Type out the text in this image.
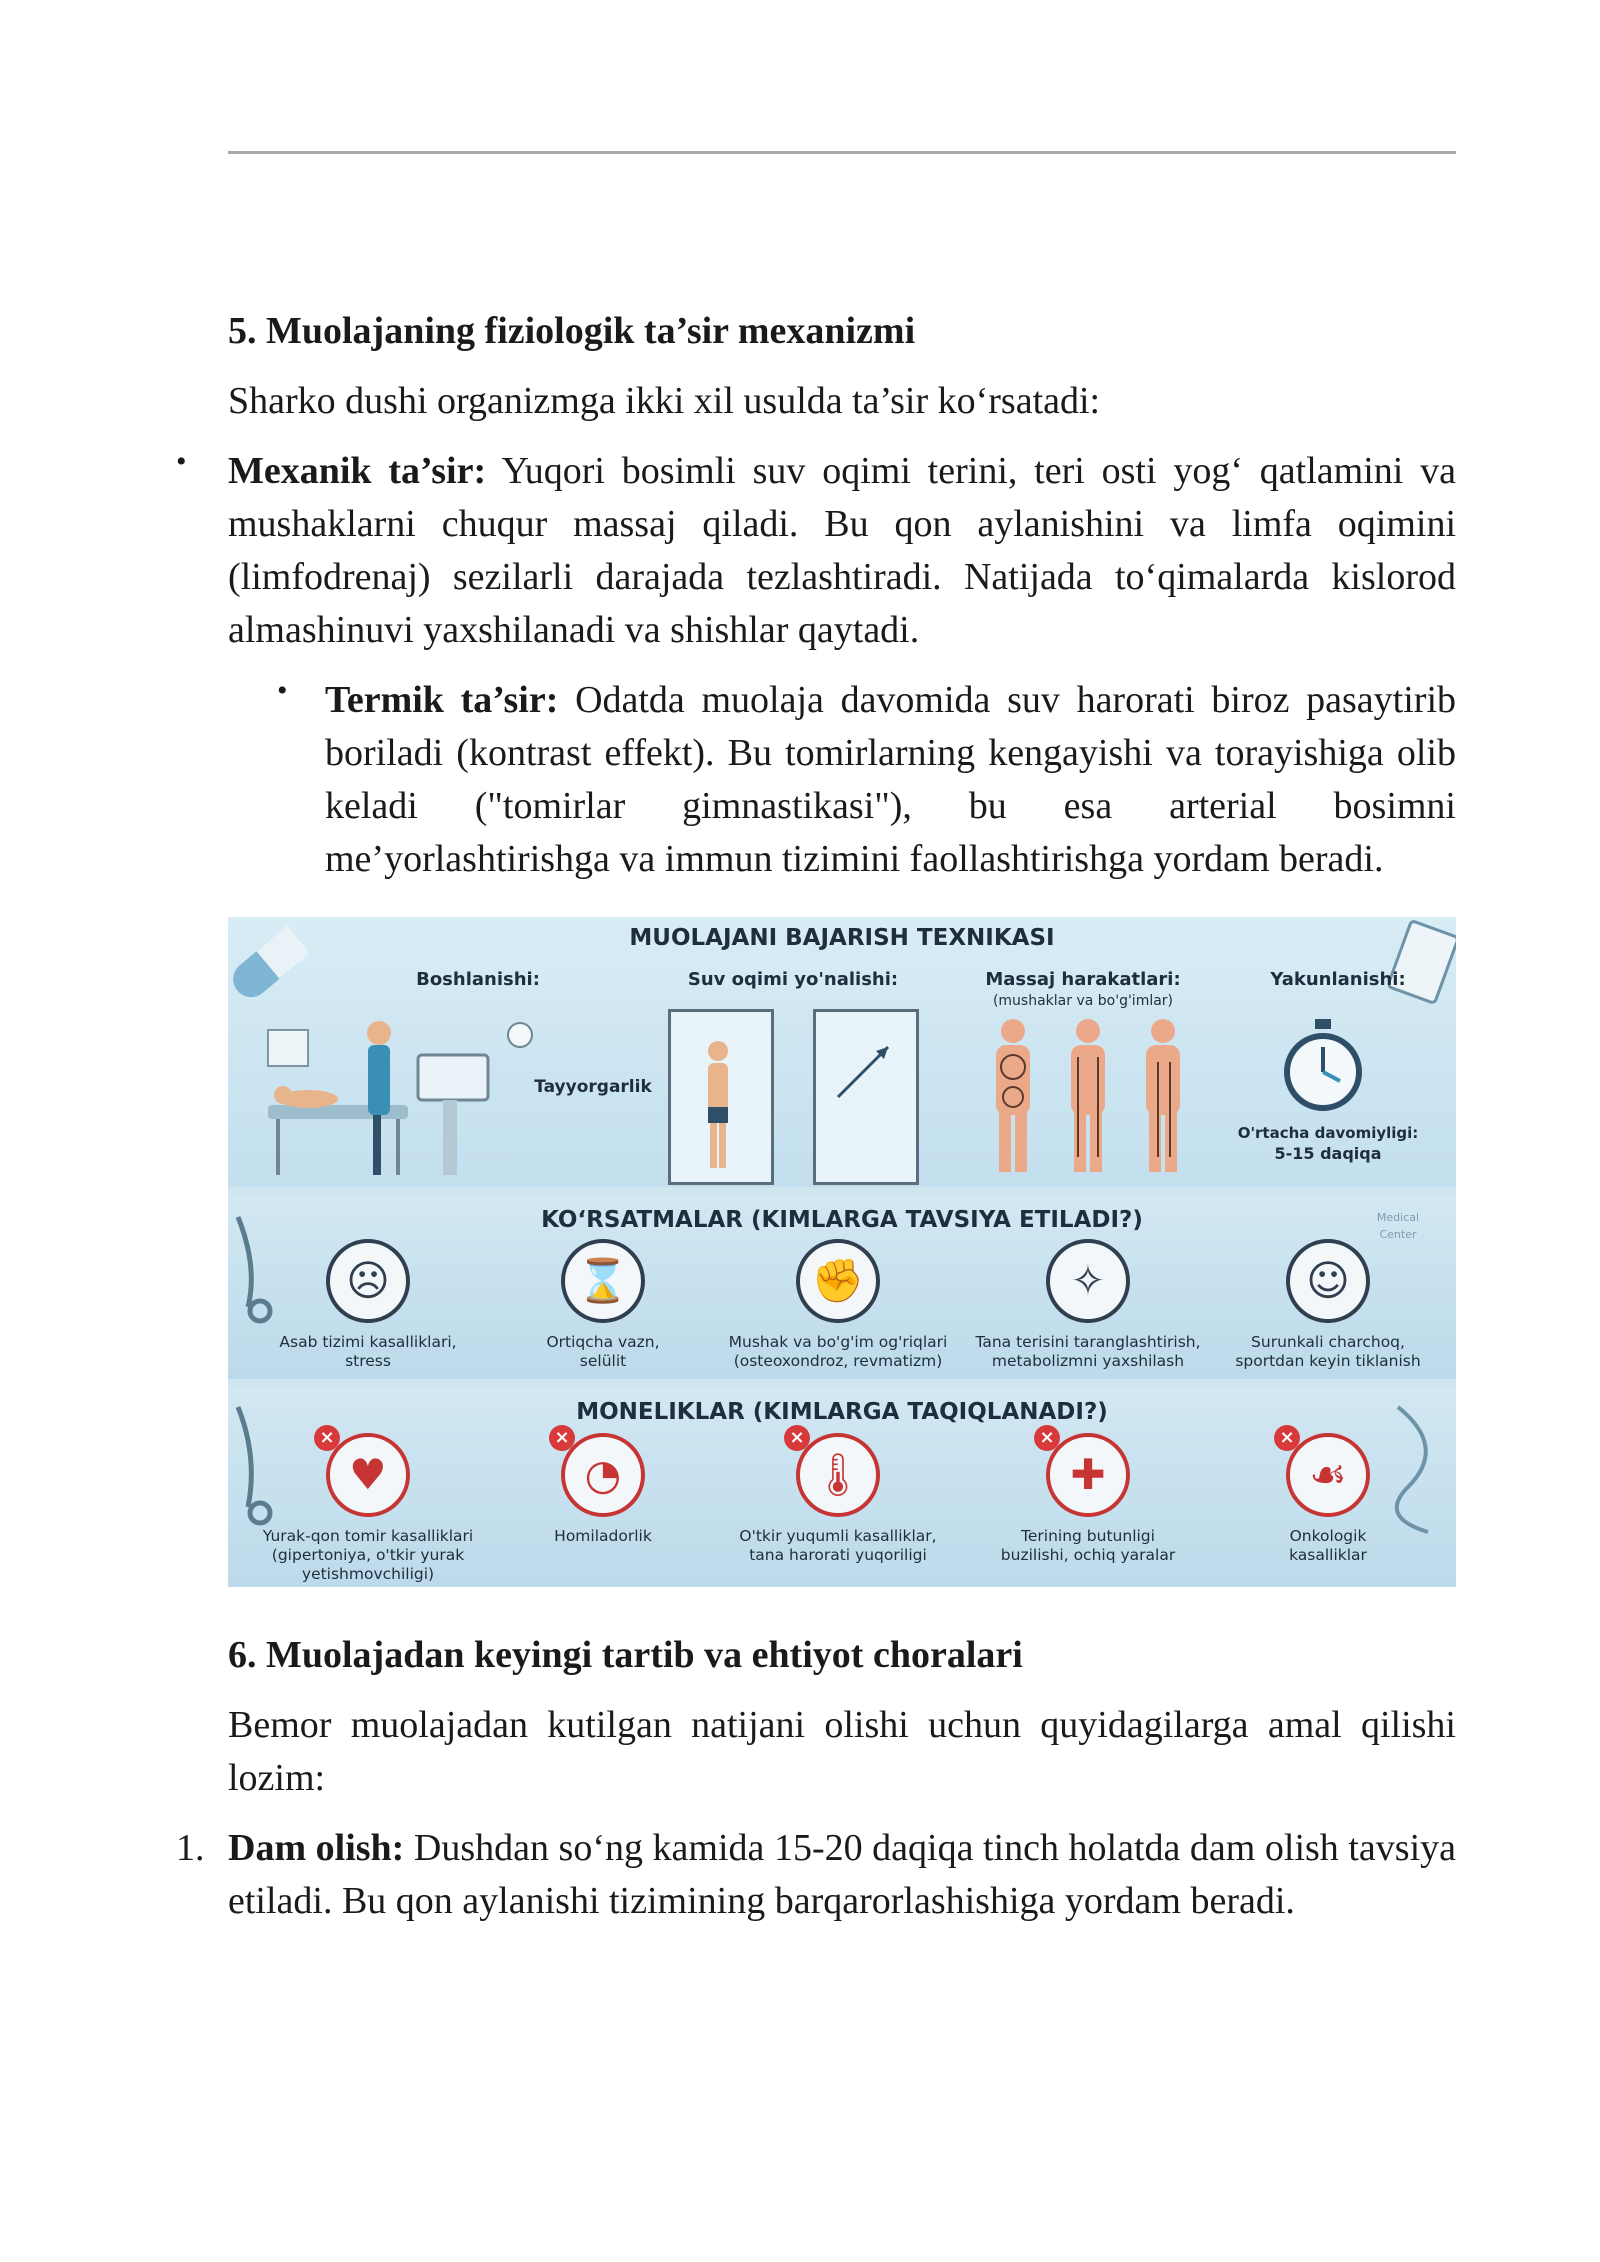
5. Muolajaning fiziologik ta’sir mexanizmi

Sharko dushi organizmga ikki xil usulda ta’sir ko‘rsatadi:

• Mexanik ta’sir: Yuqori bosimli suv oqimi terini, teri osti yog‘ qatlamini va mushaklarni chuqur massaj qiladi. Bu qon aylanishini va limfa oqimini (limfodrenaj) sezilarli darajada tezlashtiradi. Natijada to‘qimalarda kislorod almashinuvi yaxshilanadi va shishlar qaytadi.

• Termik ta’sir: Odatda muolaja davomida suv harorati biroz pasaytirib boriladi (kontrast effekt). Bu tomirlarning kengayishi va torayishiga olib keladi ("tomirlar gimnastikasi"), bu esa arterial bosimni me’yorlashtirishga va immun tizimini faollashtirishga yordam beradi.

MUOLAJANI BAJARISH TEXNIKASI
Boshlanishi:	Suv oqimi yo'nalishi:	Massaj harakatlari:
(mushaklar va bo'g'imlar)
Yakunlanishi:
Tayyorgarlik
O'rtacha davomiyligi:
5-15 daqiqa
KO‘RSATMALAR (KIMLARGA TAVSIYA ETILADI?)	Medical Center
☹
Asab tizimi kasalliklari,
stress
⌛
Ortiqcha vazn,
selülit
✊
Mushak va bo'g'im og'riqlari
(osteoxondroz, revmatizm)
✧
Tana terisini taranglashtirish,
metabolizmni yaxshilash
☺
Surunkali charchoq,
sportdan keyin tiklanish
MONELIKLAR (KIMLARGA TAQIQLANADI?)
♥
×
Yurak-qon tomir kasalliklari
(gipertoniya, o'tkir yurak
yetishmovchiligi)
◔
×
Homiladorlik
🌡
×
O'tkir yuqumli kasalliklar,
tana harorati yuqoriligi
✚
×
Terining butunligi
buzilishi, ochiq yaralar
☙
×
Onkologik
kasalliklar

6. Muolajadan keyingi tartib va ehtiyot choralari

Bemor muolajadan kutilgan natijani olishi uchun quyidagilarga amal qilishi lozim:

1. Dam olish: Dushdan so‘ng kamida 15-20 daqiqa tinch holatda dam olish tavsiya etiladi. Bu qon aylanishi tizimining barqarorlashishiga yordam beradi.
